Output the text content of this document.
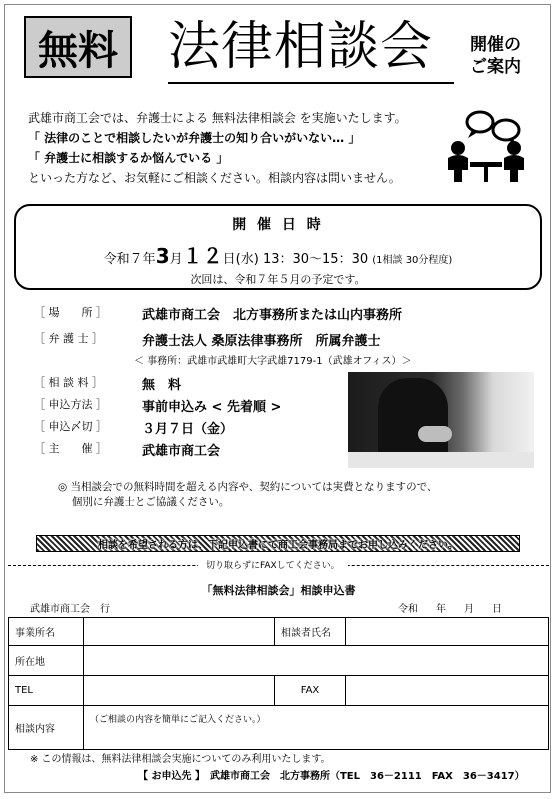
無料 法律相談会	開催の
ご案内

武雄市商工会では、弁護士による 無料法律相談会 を実施いたします。

「 法律のことで相談したいが弁護士の知り合いがいない… 」

「 弁護士に相談するか悩んでいる 」

といった方など、お気軽にご相談ください。相談内容は問いません。

開 催 日 時
令和７年3月１２日(水) 13：30～15：30 (1相談 30分程度)
次回は、令和７年５月の予定です。
［ 場　　所 ］	武雄市商工会　北方事務所または山内事務所
［ 弁 護 士 ］	弁護士法人 桑原法律事務所　所属弁護士
＜ 事務所：武雄市武雄町大字武雄7179-1（武雄オフィス）＞
［ 相 談 料 ］	無　料
［ 申込方法 ］	事前申込み < 先着順 >
［ 申込〆切 ］	３月７日（金）
［ 主　　催 ］	武雄市商工会

◎ 当相談会での無料時間を超える内容や、契約については実費となりますので、

　 個別に弁護士とご協議ください。

相談を希望される方は、下記申込書にて商工会事務局までお申し込みください。
切り取らずにFAXしてください。
「無料法律相談会」相談申込書
武雄市商工会　行	令和 年 月 日
事業所名		相談者氏名	
所在地			
TEL		FAX	
相談内容	（ご相談の内容を簡単にご記入ください。）		
※ この情報は、無料法律相談会実施についてのみ利用いたします。
【 お申込先 】　武雄市商工会　北方事務所（TEL　36－2111　FAX　36－3417）
